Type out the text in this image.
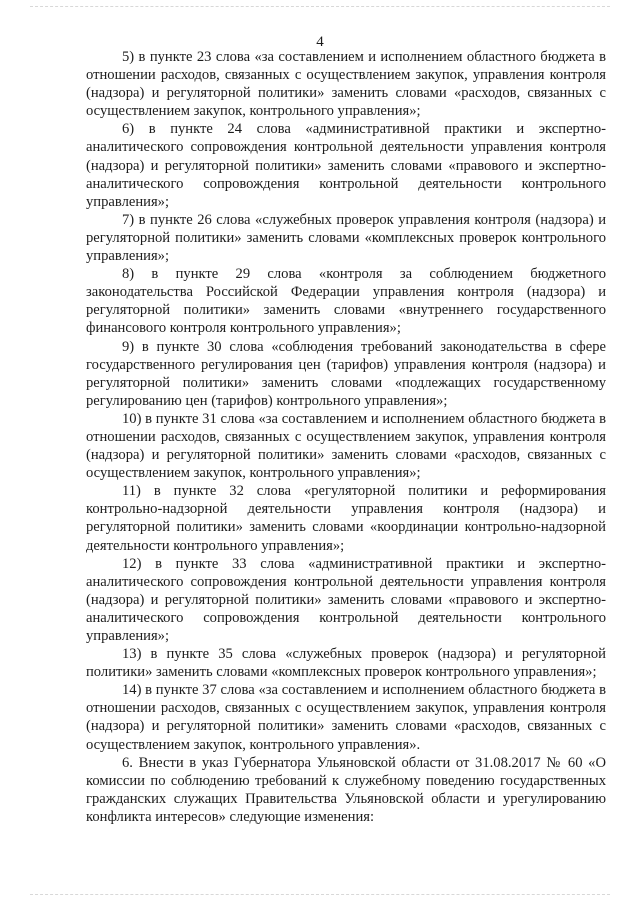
4

5) в пункте 23 слова «за составлением и исполнением областного бюджета в отношении расходов, связанных с осуществлением закупок, управления контроля (надзора) и регуляторной политики» заменить словами «расходов, связанных с осуществлением закупок, контрольного управления»;

6) в пункте 24 слова «административной практики и экспертно-аналитического сопровождения контрольной деятельности управления контроля (надзора) и регуляторной политики» заменить словами «правового и экспертно-аналитического сопровождения контрольной деятельности контрольного управления»;

7) в пункте 26 слова «служебных проверок управления контроля (надзора) и регуляторной политики» заменить словами «комплексных проверок контрольного управления»;

8) в пункте 29 слова «контроля за соблюдением бюджетного законодательства Российской Федерации управления контроля (надзора) и регуляторной политики» заменить словами «внутреннего государственного финансового контроля контрольного управления»;

9) в пункте 30 слова «соблюдения требований законодательства в сфере государственного регулирования цен (тарифов) управления контроля (надзора) и регуляторной политики» заменить словами «подлежащих государственному регулированию цен (тарифов) контрольного управления»;

10) в пункте 31 слова «за составлением и исполнением областного бюджета в отношении расходов, связанных с осуществлением закупок, управления контроля (надзора) и регуляторной политики» заменить словами «расходов, связанных с осуществлением закупок, контрольного управления»;

11) в пункте 32 слова «регуляторной политики и реформирования контрольно-надзорной деятельности управления контроля (надзора) и регуляторной политики» заменить словами «координации контрольно-надзорной деятельности контрольного управления»;

12) в пункте 33 слова «административной практики и экспертно-аналитического сопровождения контрольной деятельности управления контроля (надзора) и регуляторной политики» заменить словами «правового и экспертно-аналитического сопровождения контрольной деятельности контрольного управления»;

13) в пункте 35 слова «служебных проверок (надзора) и регуляторной политики» заменить словами «комплексных проверок контрольного управления»;

14) в пункте 37 слова «за составлением и исполнением областного бюджета в отношении расходов, связанных с осуществлением закупок, управления контроля (надзора) и регуляторной политики» заменить словами «расходов, связанных с осуществлением закупок, контрольного управления».

6. Внести в указ Губернатора Ульяновской области от 31.08.2017 № 60 «О комиссии по соблюдению требований к служебному поведению государственных гражданских служащих Правительства Ульяновской области и урегулированию конфликта интересов» следующие изменения:
